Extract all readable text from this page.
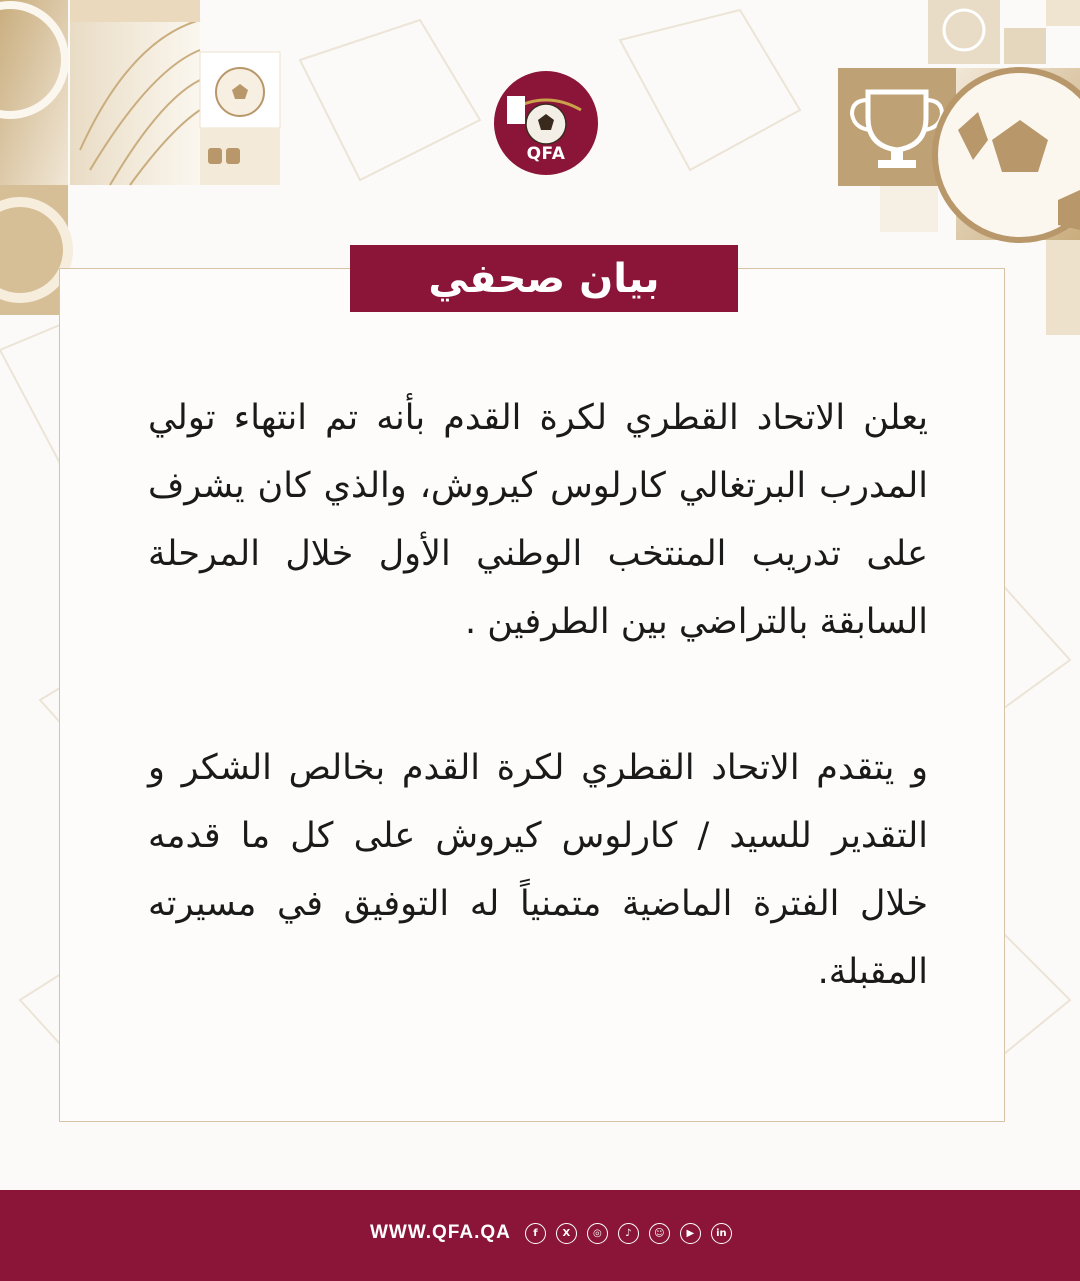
QFA
بيان صحفي

يعلن الاتحاد القطري لكرة القدم بأنه تم انتهاء تولي المدرب البرتغالي كارلوس كيروش، والذي كان يشرف على تدريب المنتخب الوطني الأول خلال المرحلة السابقة بالتراضي بين الطرفين .

و يتقدم الاتحاد القطري لكرة القدم بخالص الشكر و التقدير للسيد / كارلوس كيروش على كل ما قدمه خلال الفترة الماضية متمنياً له التوفيق في مسيرته المقبلة.

WWW.QFA.QA	f	X	◎	♪	☺	▶	in
